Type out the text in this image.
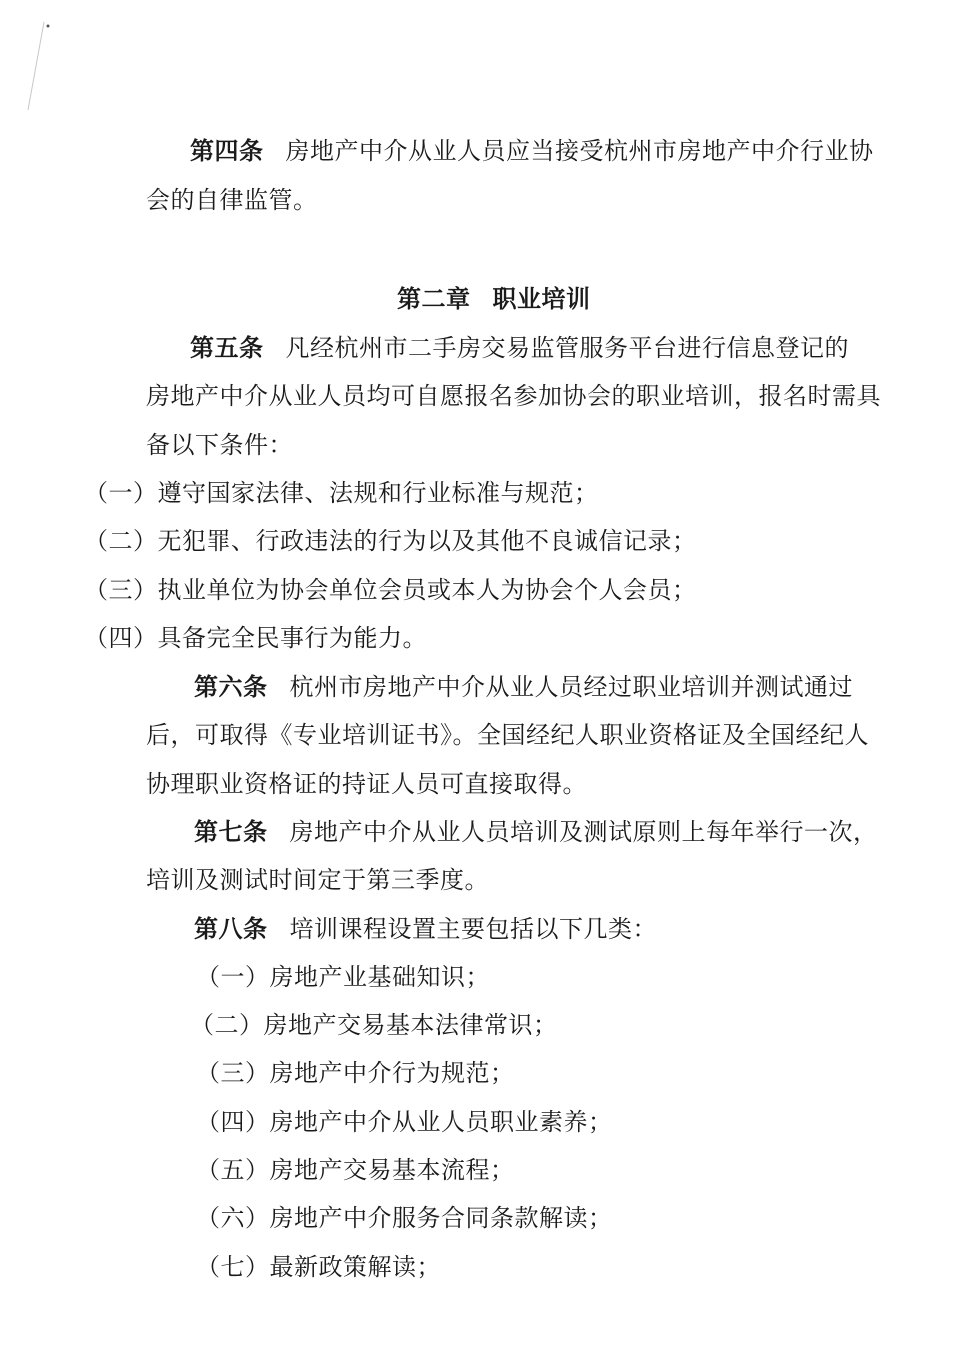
第四条 房地产中介从业人员应当接受杭州市房地产中介行业协
会的自律监管。
第二章 职业培训
第五条 凡经杭州市二手房交易监管服务平台进行信息登记的
房地产中介从业人员均可自愿报名参加协会的职业培训，报名时需具
备以下条件：
（一）遵守国家法律、法规和行业标准与规范；
（二）无犯罪、行政违法的行为以及其他不良诚信记录；
（三）执业单位为协会单位会员或本人为协会个人会员；
（四）具备完全民事行为能力。
第六条 杭州市房地产中介从业人员经过职业培训并测试通过
后，可取得《专业培训证书》。全国经纪人职业资格证及全国经纪人
协理职业资格证的持证人员可直接取得。
第七条 房地产中介从业人员培训及测试原则上每年举行一次，
培训及测试时间定于第三季度。
第八条 培训课程设置主要包括以下几类：
（一）房地产业基础知识；
（二）房地产交易基本法律常识；
（三）房地产中介行为规范；
（四）房地产中介从业人员职业素养；
（五）房地产交易基本流程；
（六）房地产中介服务合同条款解读；
（七）最新政策解读；
